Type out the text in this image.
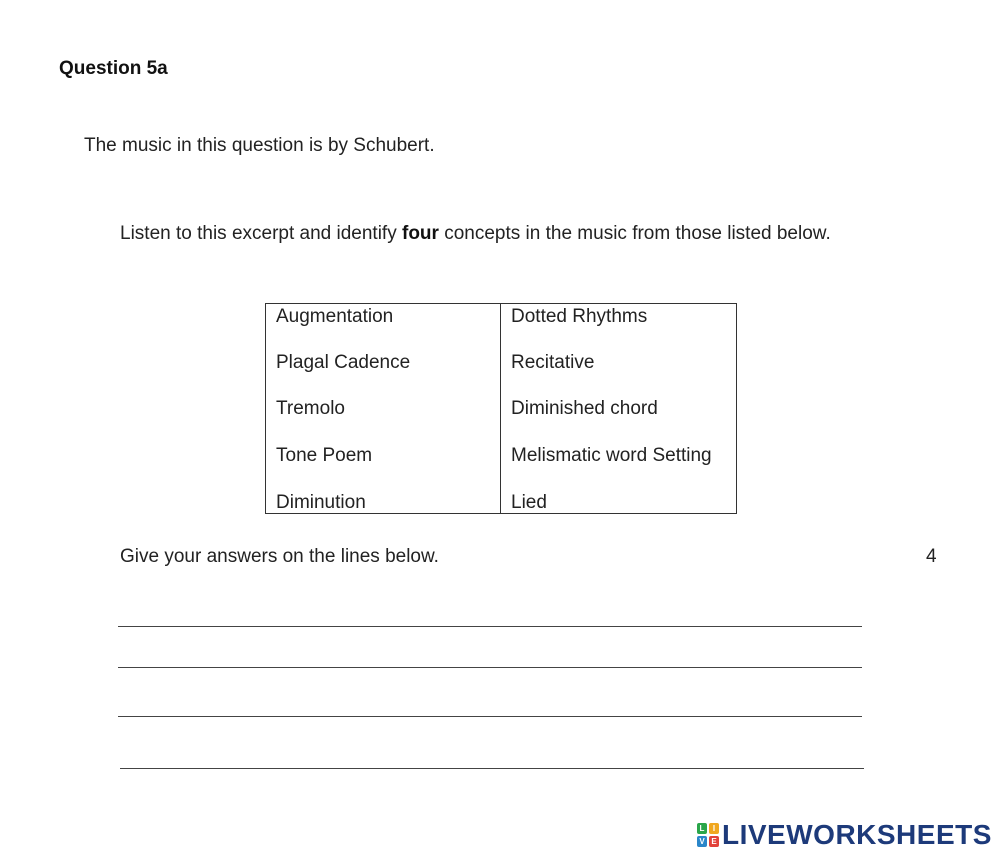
Question 5a
The music in this question is by Schubert.
Listen to this excerpt and identify four concepts in the music from those listed below.
Augmentation
Plagal Cadence
Tremolo
Tone Poem
Diminution
Dotted Rhythms
Recitative
Diminished chord
Melismatic word Setting
Lied
Give your answers on the lines below.	4
L	I
V E LIVEWORKSHEETS
